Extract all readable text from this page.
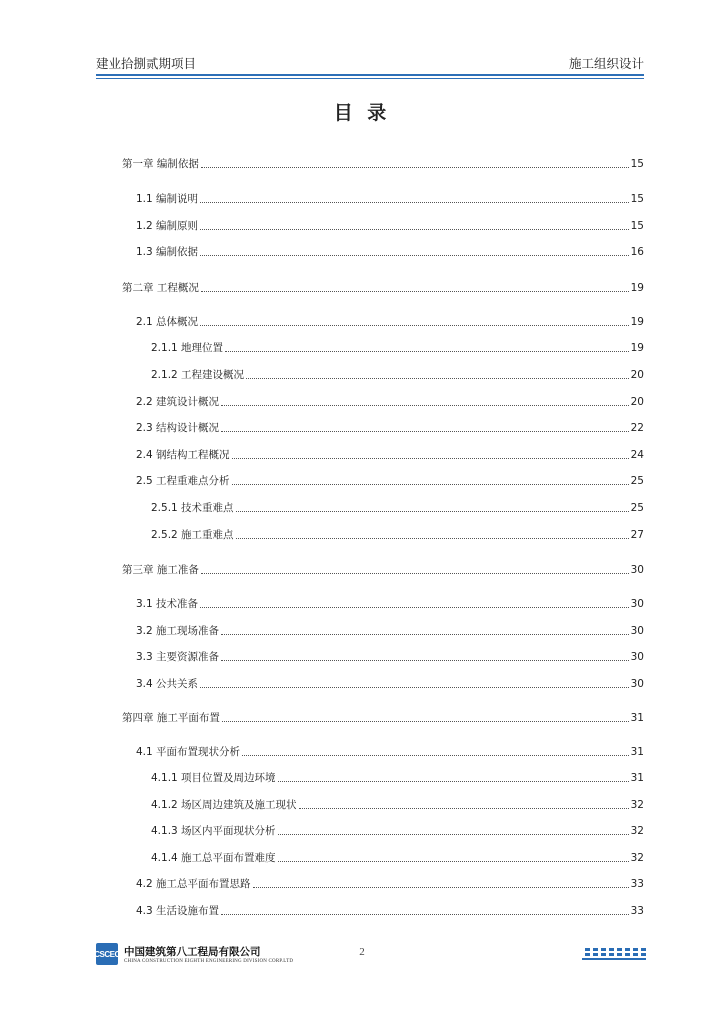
建业拾捌贰期项目	施工组织设计
目 录
第一章 编制依据	15
1.1 编制说明	15
1.2 编制原则	15
1.3 编制依据	16
第二章 工程概况	19
2.1 总体概况	19
2.1.1 地理位置	19
2.1.2 工程建设概况	20
2.2 建筑设计概况	20
2.3 结构设计概况	22
2.4 钢结构工程概况	24
2.5 工程重难点分析	25
2.5.1 技术重难点	25
2.5.2 施工重难点	27
第三章 施工准备	30
3.1 技术准备	30
3.2 施工现场准备	30
3.3 主要资源准备	30
3.4 公共关系	30
第四章 施工平面布置	31
4.1 平面布置现状分析	31
4.1.1 项目位置及周边环境	31
4.1.2 场区周边建筑及施工现状	32
4.1.3 场区内平面现状分析	32
4.1.4 施工总平面布置难度	32
4.2 施工总平面布置思路	33
4.3 生活设施布置	33
CSCEC 中国建筑第八工程局有限公司
CHINA CONSTRUCTION EIGHTH ENGINEERING DIVISION CORP.LTD
2
